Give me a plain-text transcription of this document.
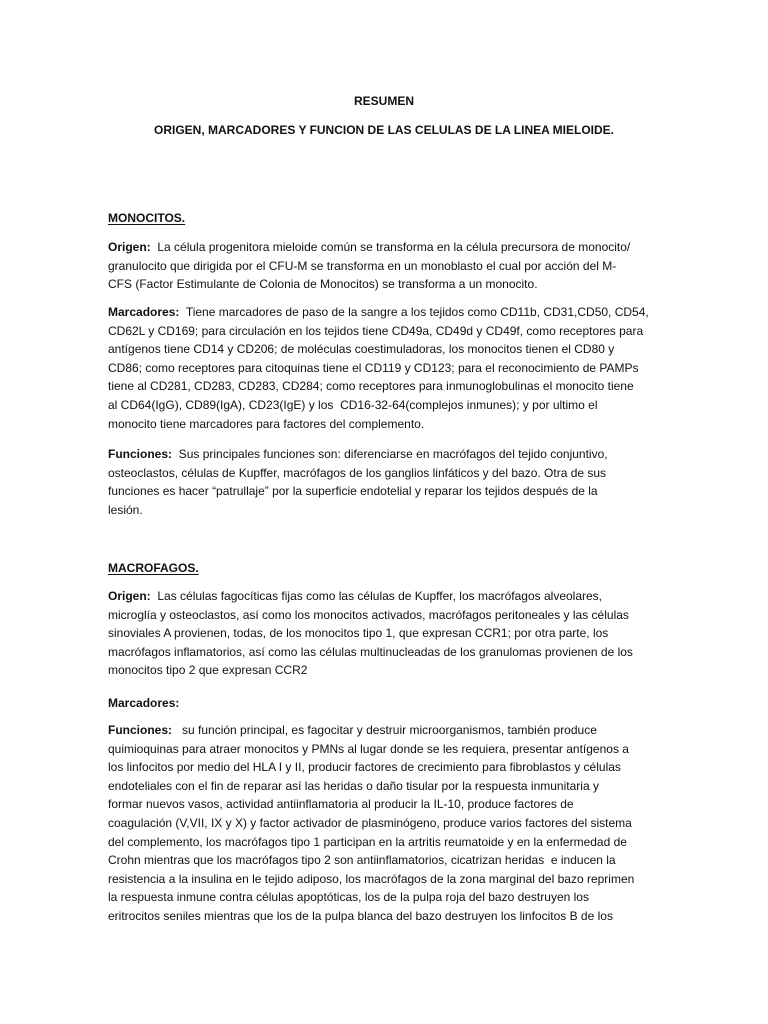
RESUMEN
ORIGEN, MARCADORES Y FUNCION DE LAS CELULAS DE LA LINEA MIELOIDE.
MONOCITOS.
Origen:  La célula progenitora mieloide común se transforma en la célula precursora de monocito/
granulocito que dirigida por el CFU-M se transforma en un monoblasto el cual por acción del M-
CFS (Factor Estimulante de Colonia de Monocitos) se transforma a un monocito.
Marcadores:  Tiene marcadores de paso de la sangre a los tejidos como CD11b, CD31,CD50, CD54,
CD62L y CD169; para circulación en los tejidos tiene CD49a, CD49d y CD49f, como receptores para
antígenos tiene CD14 y CD206; de moléculas coestimuladoras, los monocitos tienen el CD80 y
CD86; como receptores para citoquinas tiene el CD119 y CD123; para el reconocimiento de PAMPs
tiene al CD281, CD283, CD283, CD284; como receptores para inmunoglobulinas el monocito tiene
al CD64(IgG), CD89(IgA), CD23(IgE) y los  CD16-32-64(complejos inmunes); y por ultimo el
monocito tiene marcadores para factores del complemento.
Funciones:  Sus principales funciones son: diferenciarse en macrófagos del tejido conjuntivo,
osteoclastos, células de Kupffer, macrófagos de los ganglios linfáticos y del bazo. Otra de sus
funciones es hacer “patrullaje” por la superficie endotelial y reparar los tejidos después de la
lesión.
MACROFAGOS.
Origen:  Las células fagocíticas fijas como las células de Kupffer, los macrófagos alveolares,
microglía y osteoclastos, así como los monocitos activados, macrófagos peritoneales y las células
sinoviales A provienen, todas, de los monocitos tipo 1, que expresan CCR1; por otra parte, los
macrófagos inflamatorios, así como las células multinucleadas de los granulomas provienen de los
monocitos tipo 2 que expresan CCR2
Marcadores:
Funciones:   su función principal, es fagocitar y destruir microorganismos, también produce
quimioquinas para atraer monocitos y PMNs al lugar donde se les requiera, presentar antígenos a
los linfocitos por medio del HLA I y II, producir factores de crecimiento para fibroblastos y células
endoteliales con el fin de reparar así las heridas o daño tisular por la respuesta inmunitaria y
formar nuevos vasos, actividad antiinflamatoria al producir la IL-10, produce factores de
coagulación (V,VII, IX y X) y factor activador de plasminógeno, produce varios factores del sistema
del complemento, los macrófagos tipo 1 participan en la artritis reumatoide y en la enfermedad de
Crohn mientras que los macrófagos tipo 2 son antiinflamatorios, cicatrizan heridas  e inducen la
resistencia a la insulina en le tejido adiposo, los macrófagos de la zona marginal del bazo reprimen
la respuesta inmune contra células apoptóticas, los de la pulpa roja del bazo destruyen los
eritrocitos seniles mientras que los de la pulpa blanca del bazo destruyen los linfocitos B de los
